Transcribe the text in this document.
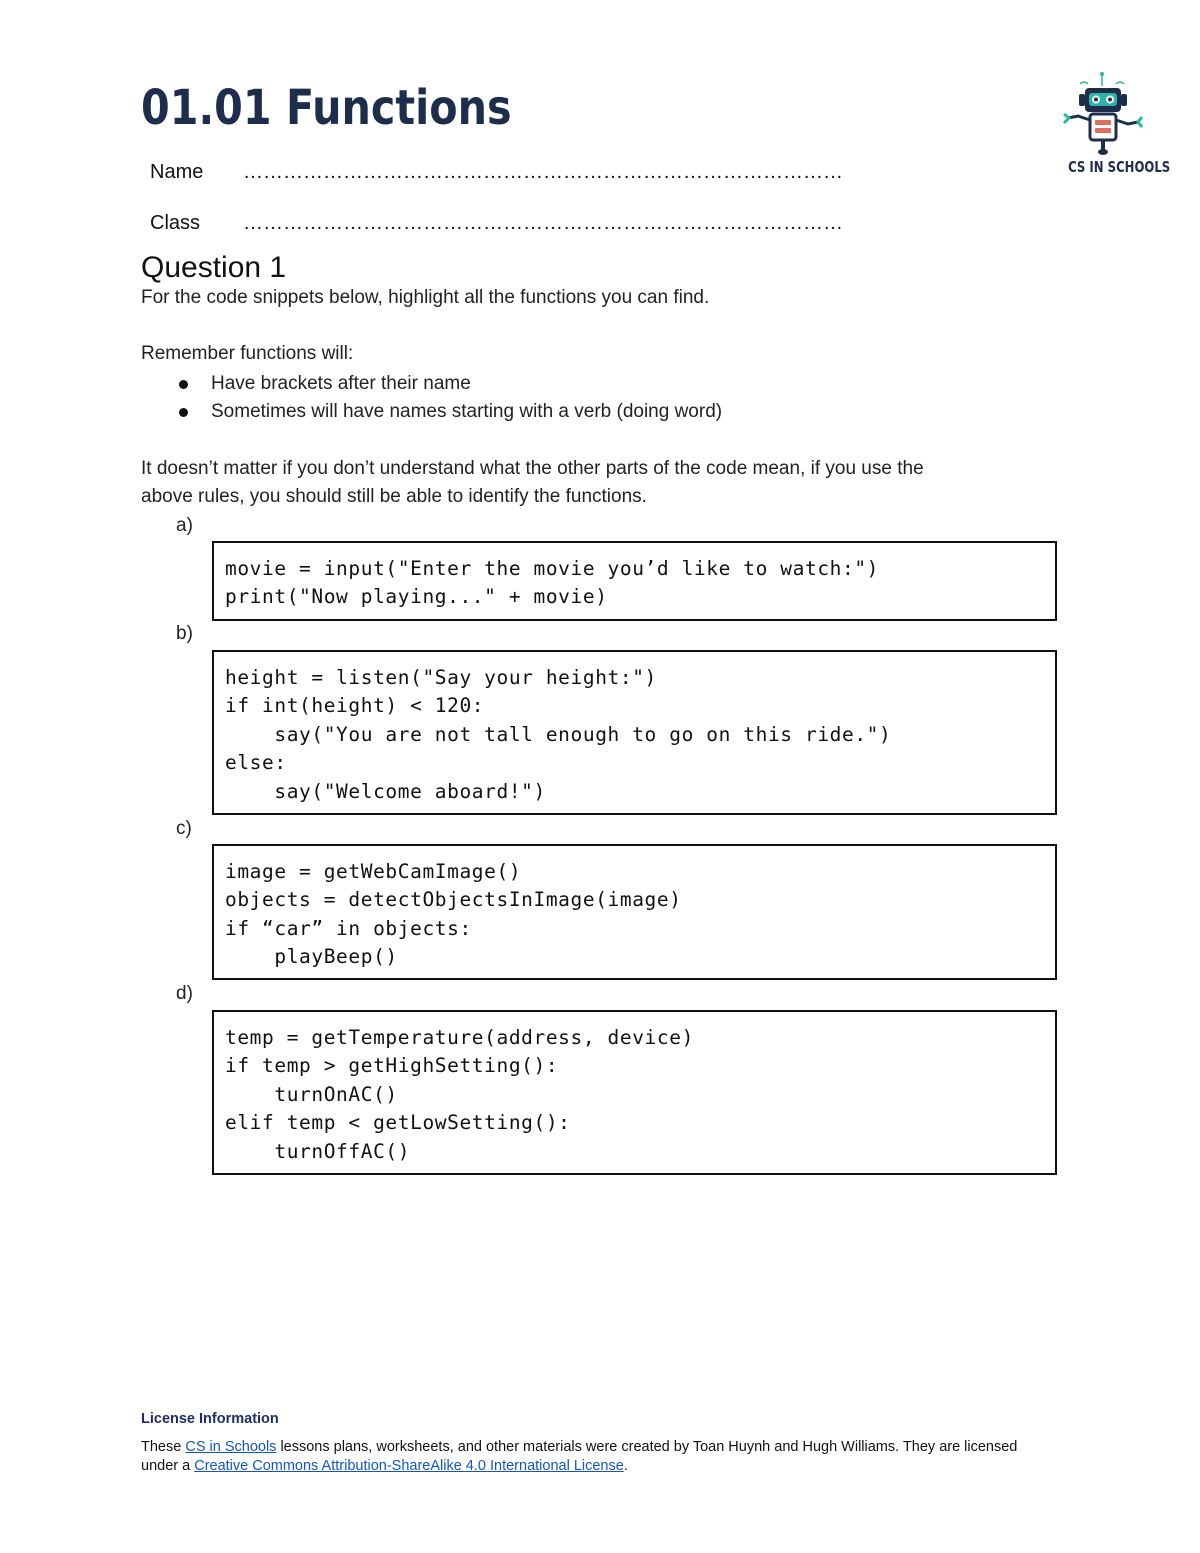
01.01 Functions
CS IN SCHOOLS
Name ………………………………………………………………………………
Class ………………………………………………………………………………
Question 1

For the code snippets below, highlight all the functions you can find.

Remember functions will:

Have brackets after their name
Sometimes will have names starting with a verb (doing word)

It doesn’t matter if you don’t understand what the other parts of the code mean, if you use the

above rules, you should still be able to identify the functions.

a)
movie = input("Enter the movie you’d like to watch:")
print("Now playing..." + movie)
b)
height = listen("Say your height:")
if int(height) < 120:
say("You are not tall enough to go on this ride.")
else:
say("Welcome aboard!")
c)
image = getWebCamImage()
objects = detectObjectsInImage(image)
if “car” in objects:
playBeep()
d)
temp = getTemperature(address, device)
if temp > getHighSetting():
turnOnAC()
elif temp < getLowSetting():
turnOffAC()
License Information

These CS in Schools lessons plans, worksheets, and other materials were created by Toan Huynh and Hugh Williams. They are licensed under a Creative Commons Attribution-ShareAlike 4.0 International License.
